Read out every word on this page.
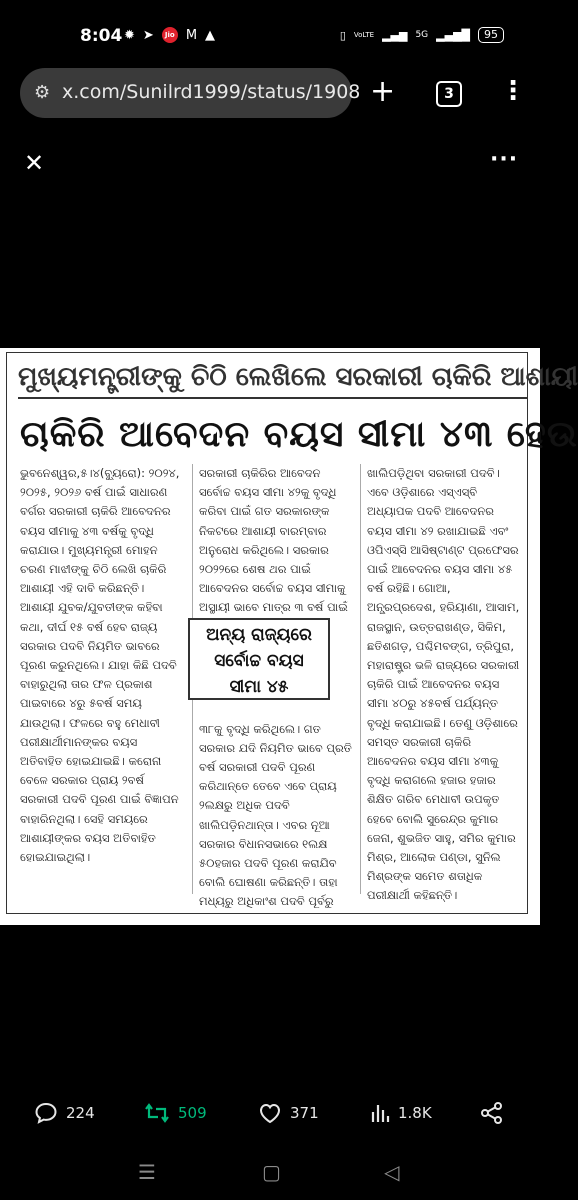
8:04 ✹ ➤	Jio M ▲	▯ VoLTE ▂▄▆ 5G ▂▄▆█	95
⚙ x.com/Sunilrd1999/status/1908 +	3	⋮
✕	···
ମୁଖ୍ୟମନ୍ତ୍ରୀଙ୍କୁ ଚିଠି ଲେଖିଲେ ସରକାରୀ ଚାକିରି ଆଶାୟୀ
ଚାକିରି ଆବେଦନ ବୟସ ସୀମା ୪୩ ହେଉ
ଭୁବନେଶ୍ୱର,୫।୪(ବ୍ୟୁରୋ): ୨୦୨୪, ୨୦୨୫, ୨୦୨୬ ବର୍ଷ ପାଇଁ ସାଧାରଣ ବର୍ଗର ସରକାରୀ ଚାକିରି ଆବେଦନର ବୟସ ସୀମାକୁ ୪୩ ବର୍ଷକୁ ବୃଦ୍ଧି କରାଯାଉ। ମୁଖ୍ୟମନ୍ତ୍ରୀ ମୋହନ ଚରଣ ମାଝୀଙ୍କୁ ଚିଠି ଲେଖି ଚାକିରି ଆଶାୟୀ ଏହି ଦାବି କରିଛନ୍ତି। ଆଶାୟୀ ଯୁବକ/ଯୁବତୀଙ୍କ କହିବା କଥା, ଦୀର୍ଘ ୧୫ ବର୍ଷ ହେବ ରାଜ୍ୟ ସରକାର ପଦବି ନିୟମିତ ଭାବରେ ପୂରଣ କରୁନଥିଲେ। ଯାହା କିଛି ପଦବି ବାହାରୁଥିଲା ତାର ଫଳ ପ୍ରକାଶ ପାଇବାରେ ୪ରୁ ୫ବର୍ଷ ସମୟ ଯାଉଥିଲା। ଫଳରେ ବହୁ ମେଧାବୀ ପରୀକ୍ଷାର୍ଥୀମାନଙ୍କର ବୟସ ଅତିବାହିତ ହୋଇଯାଇଛି। କରୋନା ବେଳେ ସରକାର ପ୍ରାୟ ୨ବର୍ଷ ସରକାରୀ ପଦବି ପୂରଣ ପାଇଁ ବିଜ୍ଞାପନ ବାହାରିନଥିଲା। ସେହି ସମୟରେ ଆଶାୟୀଙ୍କର ବୟସ ଅତିବାହିତ ହୋଇଯାଇଥିଲା।
ସରକାରୀ ଚାକିରିର ଆବେଦନ ସର୍ବୋଚ୍ଚ ବୟସ ସୀମା ୪୨କୁ ବୃଦ୍ଧି କରିବା ପାଇଁ ଗତ ସରକାରଙ୍କ ନିକଟରେ ଆଶାୟୀ ବାରମ୍ବାର ଅନୁରୋଧ କରିଥିଲେ। ସରକାର ୨୦୨୨ରେ ଶେଷ ଥର ପାଇଁ ଆବେଦନର ସର୍ବୋଚ୍ଚ ବୟସ ସୀମାକୁ ଅସ୍ଥାୟୀ ଭାବେ ମାତ୍ର ୩ ବର୍ଷ ପାଇଁ
୩୮କୁ ବୃଦ୍ଧି କରିଥିଲେ। ଗତ ସରକାର ଯଦି ନିୟମିତ ଭାବେ ପ୍ରତି ବର୍ଷ ସରକାରୀ ପଦବି ପୂରଣ କରିଥାନ୍ତେ ତେବେ ଏବେ ପ୍ରାୟ ୨ଲକ୍ଷରୁ ଅଧିକ ପଦବି ଖାଲିପଡ଼ିନଥାନ୍ତା। ଏବର ନୂଆ ସରକାର ବିଧାନସଭାରେ ୧ଲକ୍ଷ ୫୦ହଜାର ପଦବି ପୂରଣ କରାଯିବ ବୋଲି ଘୋଷଣା କରିଛନ୍ତି। ତାହା ମଧ୍ୟରୁ ଅଧିକାଂଶ ପଦବି ପୂର୍ବରୁ
ଖାଲିପଡ଼ିଥିବା ସରକାରୀ ପଦବି। ଏବେ ଓଡ଼ିଶାରେ ଏସ୍ଏସ୍ବି ଅଧ୍ୟାପକ ପଦବି ଆବେଦନର ବୟସ ସୀମା ୪୨ ରଖାଯାଇଛି ଏବଂ ଓପିଏସ୍ସି ଆସିଷ୍ଟାଣ୍ଟ ପ୍ରଫେସର ପାଇଁ ଆବେଦନର ବୟସ ସୀମା ୪୫ ବର୍ଷ ରହିଛି। ଗୋଆ, ଅନ୍ଧ୍ରପ୍ରଦେଶ, ହରିୟାଣା, ଆସାମ, ରାଜସ୍ଥାନ, ଉତ୍ତରାଖଣ୍ଡ, ସିକିମ, ଛତିଶଗଡ଼, ପଶ୍ଚିମବଙ୍ଗ, ତ୍ରିପୁରା, ମହାରାଷ୍ଟ୍ର ଭଳି ରାଜ୍ୟରେ ସରକାରୀ ଚାକିରି ପାଇଁ ଆବେଦନର ବୟସ ସୀମା ୪୦ରୁ ୪୫ବର୍ଷ ପର୍ଯ୍ୟନ୍ତ ବୃଦ୍ଧି କରାଯାଇଛି। ତେଣୁ ଓଡ଼ିଶାରେ ସମସ୍ତ ସରକାରୀ ଚାକିରି ଆବେଦନର ବୟସ ସୀମା ୪୩କୁ ବୃଦ୍ଧି କରାଗଲେ ହଜାର ହଜାର ଶିକ୍ଷିତ ଗରିବ ମେଧାବୀ ଉପକୃତ ହେବେ ବୋଲି ସୁରେନ୍ଦ୍ର କୁମାର ଜେନା, ଶୁଭଜିତ ସାହୁ, ସମିର କୁମାର ମିଶ୍ର, ଆଲୋକ ପଣ୍ଡା, ସୁନିଲ ମିଶ୍ରଙ୍କ ସମେତ ଶତାଧିକ ପରୀକ୍ଷାର୍ଥୀ କହିଛନ୍ତି।
ଅନ୍ୟ ରାଜ୍ୟରେ
ସର୍ବୋଚ୍ଚ ବୟସ
ସୀମା ୪୫
224	509	371	1.8K
☰	▢	◁
